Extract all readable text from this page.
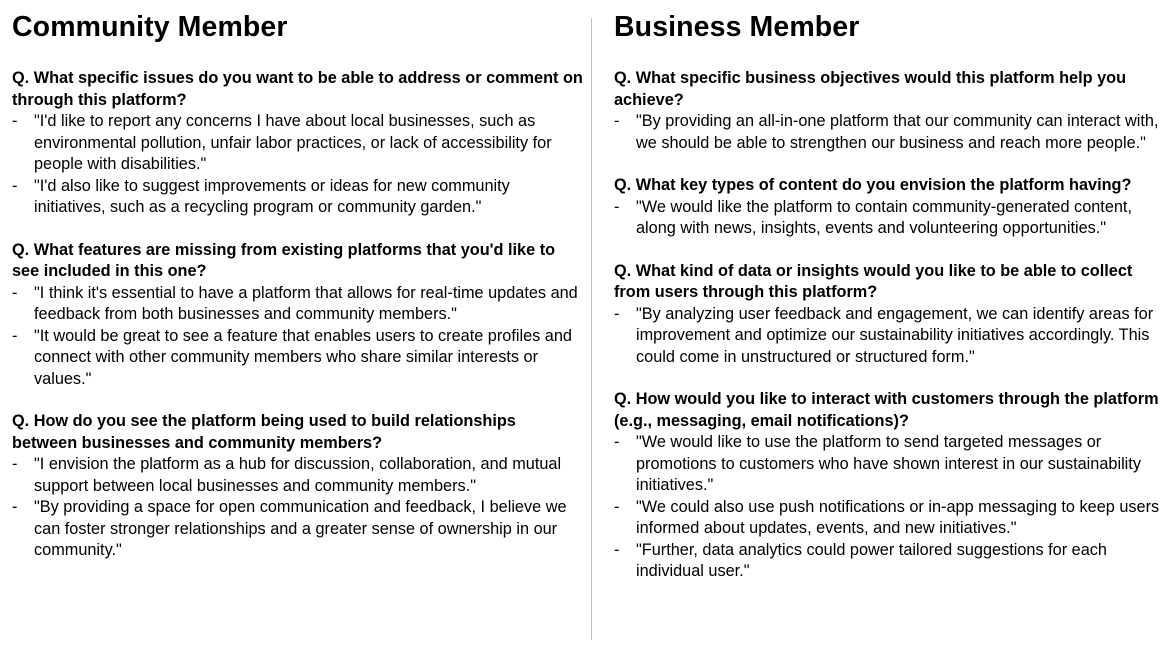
Community Member

Q. What specific issues do you want to be able to address or comment on through this platform?

- "I'd like to report any concerns I have about local businesses, such as environmental pollution, unfair labor practices, or lack of accessibility for people with disabilities."
- "I'd also like to suggest improvements or ideas for new community initiatives, such as a recycling program or community garden."

Q. What features are missing from existing platforms that you'd like to see included in this one?

- "I think it's essential to have a platform that allows for real-time updates and feedback from both businesses and community members."
- "It would be great to see a feature that enables users to create profiles and connect with other community members who share similar interests or values."

Q. How do you see the platform being used to build relationships between businesses and community members?

- "I envision the platform as a hub for discussion, collaboration, and mutual support between local businesses and community members."
- "By providing a space for open communication and feedback, I believe we can foster stronger relationships and a greater sense of ownership in our community."
Business Member

Q. What specific business objectives would this platform help you achieve?

- "By providing an all-in-one platform that our community can interact with, we should be able to strengthen our business and reach more people."

Q. What key types of content do you envision the platform having?

- "We would like the platform to contain community-generated content, along with news, insights, events and volunteering opportunities."

Q. What kind of data or insights would you like to be able to collect from users through this platform?

- "By analyzing user feedback and engagement, we can identify areas for improvement and optimize our sustainability initiatives accordingly. This could come in unstructured or structured form."

Q. How would you like to interact with customers through the platform (e.g., messaging, email notifications)?

- "We would like to use the platform to send targeted messages or promotions to customers who have shown interest in our sustainability initiatives."
- "We could also use push notifications or in-app messaging to keep users informed about updates, events, and new initiatives."
- "Further, data analytics could power tailored suggestions for each individual user."
